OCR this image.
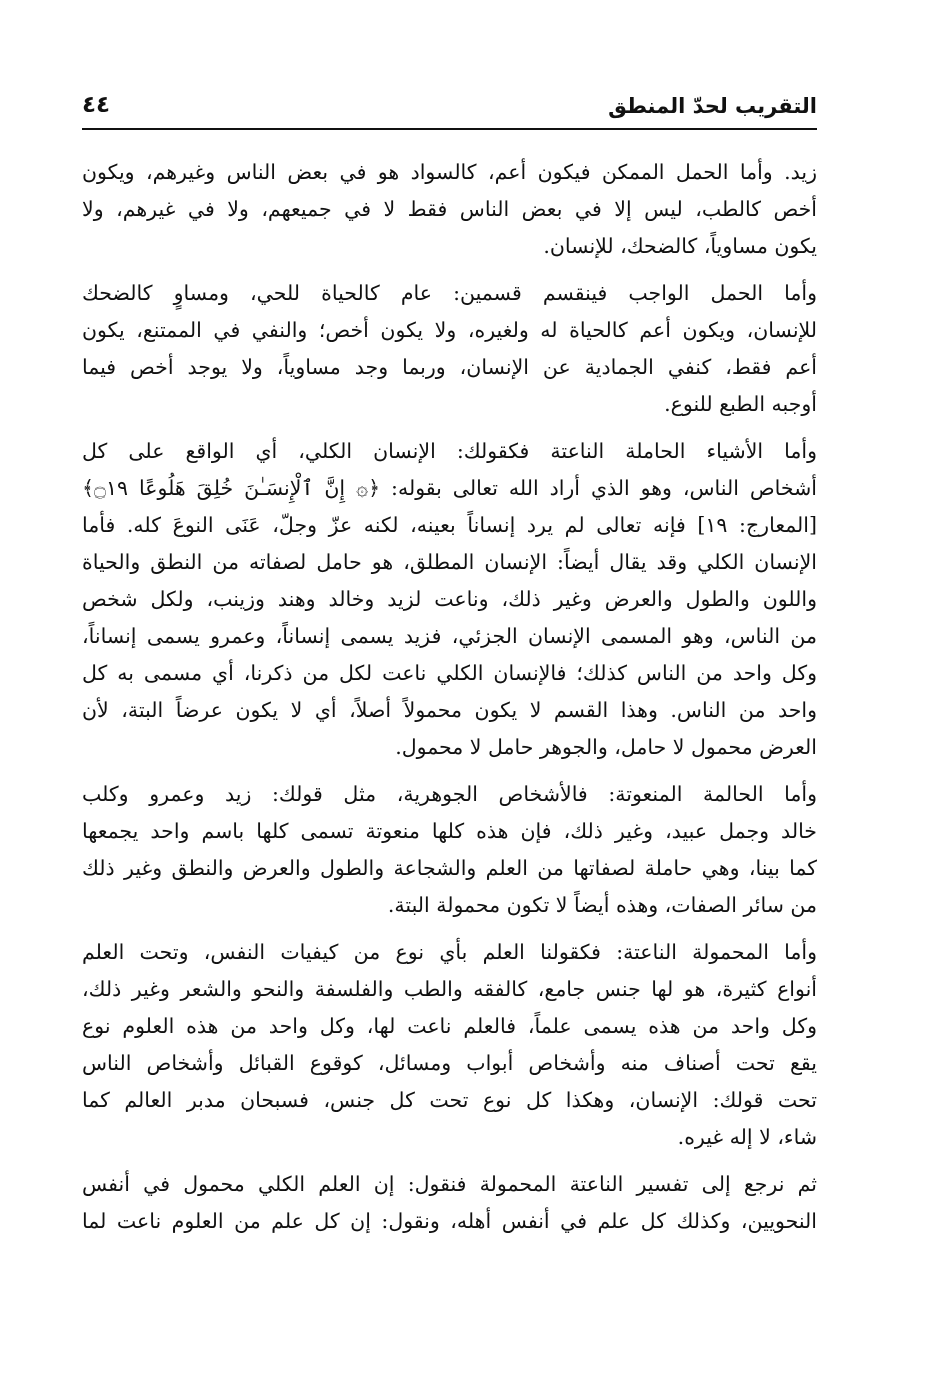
التقريب لحدّ المنطق
٤٤

زيد. وأما الحمل الممكن فيكون أعم، كالسواد هو في بعض الناس وغيرهم، ويكون
أخص كالطب، ليس إلا في بعض الناس فقط لا في جميعهم، ولا في غيرهم، ولا
يكون مساوياً، كالضحك، للإنسان.

وأما الحمل الواجب فينقسم قسمين: عام كالحياة للحي، ومساوٍ كالضحك
للإنسان، ويكون أعم كالحياة له ولغيره، ولا يكون أخص؛ والنفي في الممتنع، يكون
أعم فقط، كنفي الجمادية عن الإنسان، وربما وجد مساوياً، ولا يوجد أخص فيما
أوجبه الطبع للنوع.

وأما الأشياء الحاملة الناعتة فكقولك: الإنسان الكلي، أي الواقع على كل
أشخاص الناس، وهو الذي أراد الله تعالى بقوله: ﴿۞ إِنَّ ٱلْإِنسَـٰنَ خُلِقَ هَلُوعًا ۝١٩﴾
[المعارج: ١٩] فإنه تعالى لم يرد إنساناً بعينه، لكنه عزّ وجلّ، عَنَى النوعَ كله. فأما
الإنسان الكلي وقد يقال أيضاً: الإنسان المطلق، هو حامل لصفاته من النطق والحياة
واللون والطول والعرض وغير ذلك، وناعت لزيد وخالد وهند وزينب، ولكل شخص
من الناس، وهو المسمى الإنسان الجزئي، فزيد يسمى إنساناً، وعمرو يسمى إنساناً،
وكل واحد من الناس كذلك؛ فالإنسان الكلي ناعت لكل من ذكرنا، أي مسمى به كل
واحد من الناس. وهذا القسم لا يكون محمولاً أصلاً، أي لا يكون عرضاً البتة، لأن
العرض محمول لا حامل، والجوهر حامل لا محمول.

وأما الحالمة المنعوتة: فالأشخاص الجوهرية، مثل قولك: زيد وعمرو وكلب
خالد وجمل عبيد، وغير ذلك، فإن هذه كلها منعوتة تسمى كلها باسم واحد يجمعها
كما بينا، وهي حاملة لصفاتها من العلم والشجاعة والطول والعرض والنطق وغير ذلك
من سائر الصفات، وهذه أيضاً لا تكون محمولة البتة.

وأما المحمولة الناعتة: فكقولنا العلم بأي نوع من كيفيات النفس، وتحت العلم
أنواع كثيرة، هو لها جنس جامع، كالفقه والطب والفلسفة والنحو والشعر وغير ذلك،
وكل واحد من هذه يسمى علماً، فالعلم ناعت لها، وكل واحد من هذه العلوم نوع
يقع تحت أصناف منه وأشخاص أبواب ومسائل، كوقوع القبائل وأشخاص الناس
تحت قولك: الإنسان، وهكذا كل نوع تحت كل جنس، فسبحان مدبر العالم كما
شاء، لا إله غيره.

ثم نرجع إلى تفسير الناعتة المحمولة فنقول: إن العلم الكلي محمول في أنفس
النحويين، وكذلك كل علم في أنفس أهله، ونقول: إن كل علم من العلوم ناعت لما
